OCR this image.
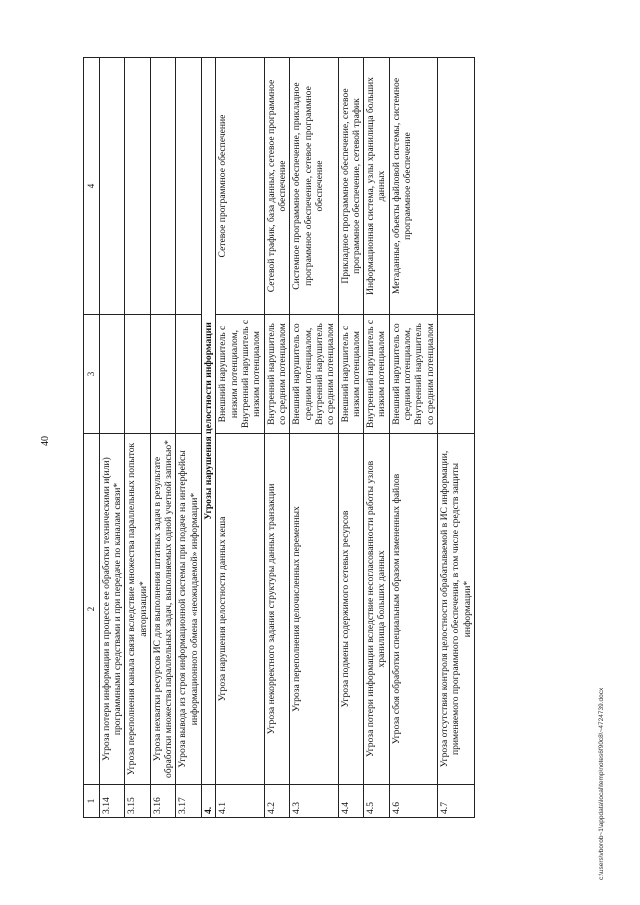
40
1	2	3	4
3.14	Угроза потери информации в процессе ее обработки техническими и(или) программными средствами и при передаче по каналам связи*		
3.15	Угроза переполнения канала связи вследствие множества параллельных попыток авторизации*		
3.16	Угроза нехватки ресурсов ИС для выполнения штатных задач в результате обработки множества параллельных задач, выполняемых одной учетной записью*		
3.17	Угроза вывода из строя информационной системы при подаче на интерфейсы информационного обмена «неожидаемой» информации*		
4.	Угрозы нарушения целостности информации		
4.1	Угроза нарушения целостности данных кеша	Внешний нарушитель с низким потенциалом, Внутренний нарушитель с низким потенциалом	Сетевое программное обеспечение
4.2	Угроза некорректного задания структуры данных транзакции	Внутренний нарушитель со средним потенциалом	Сетевой трафик, база данных, сетевое программное обеспечение
4.3	Угроза переполнения целочисленных переменных	Внешний нарушитель со средним потенциалом, Внутренний нарушитель со средним потенциалом	Системное программное обеспечение, прикладное программное обеспечение, сетевое программное обеспечение
4.4	Угроза подмены содержимого сетевых ресурсов	Внешний нарушитель с низким потенциалом	Прикладное программное обеспечение, сетевое программное обеспечение, сетевой трафик
4.5	Угроза потери информации вследствие несогласованности работы узлов хранилища больших данных	Внутренний нарушитель с низким потенциалом	Информационная система, узлы хранилища больших данных
4.6	Угроза сбоя обработки специальным образом измененных файлов	Внешний нарушитель со средним потенциалом, Внутренний нарушитель со средним потенциалом	Метаданные, объекты файловой системы, системное программное обеспечение
4.7	Угроза отсутствия контроля целостности обрабатываемой в ИС информации, применяемого программного обеспечения, в том числе средств защиты информации*		
c:\users\vborob~1\appdata\local\temp\notes6f90c8\~4724739.docx
